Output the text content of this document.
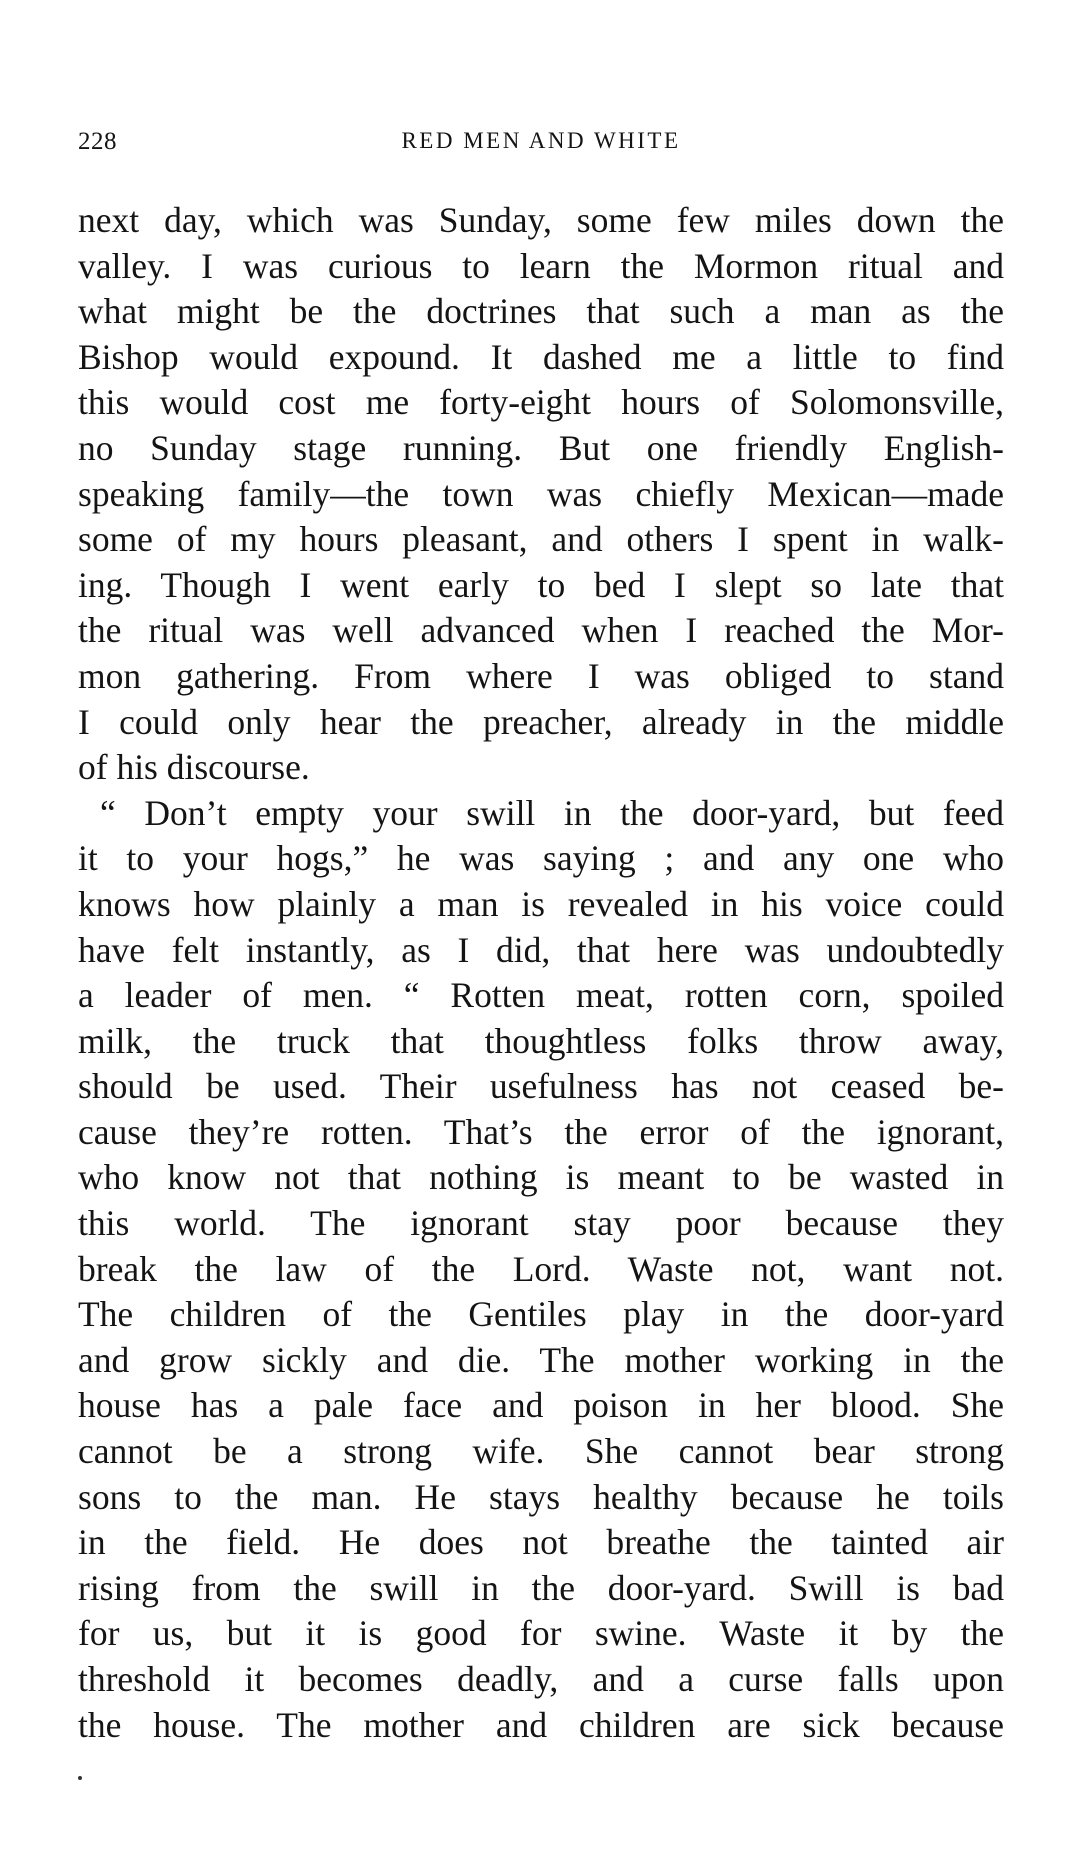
228	RED MEN AND WHITE
next day, which was Sunday, some few miles down the
valley. I was curious to learn the Mormon ritual and
what might be the doctrines that such a man as the
Bishop would expound. It dashed me a little to find
this would cost me forty-eight hours of Solomonsville,
no Sunday stage running. But one friendly English-
speaking family—the town was chiefly Mexican—made
some of my hours pleasant, and others I spent in walk-
ing. Though I went early to bed I slept so late that
the ritual was well advanced when I reached the Mor-
mon gathering. From where I was obliged to stand
I could only hear the preacher, already in the middle
of his discourse.
“ Don’t empty your swill in the door-yard, but feed
it to your hogs,” he was saying ; and any one who
knows how plainly a man is revealed in his voice could
have felt instantly, as I did, that here was undoubtedly
a leader of men. “ Rotten meat, rotten corn, spoiled
milk, the truck that thoughtless folks throw away,
should be used. Their usefulness has not ceased be-
cause they’re rotten. That’s the error of the ignorant,
who know not that nothing is meant to be wasted in
this world. The ignorant stay poor because they
break the law of the Lord. Waste not, want not.
The children of the Gentiles play in the door-yard
and grow sickly and die. The mother working in the
house has a pale face and poison in her blood. She
cannot be a strong wife. She cannot bear strong
sons to the man. He stays healthy because he toils
in the field. He does not breathe the tainted air
rising from the swill in the door-yard. Swill is bad
for us, but it is good for swine. Waste it by the
threshold it becomes deadly, and a curse falls upon
the house. The mother and children are sick because
